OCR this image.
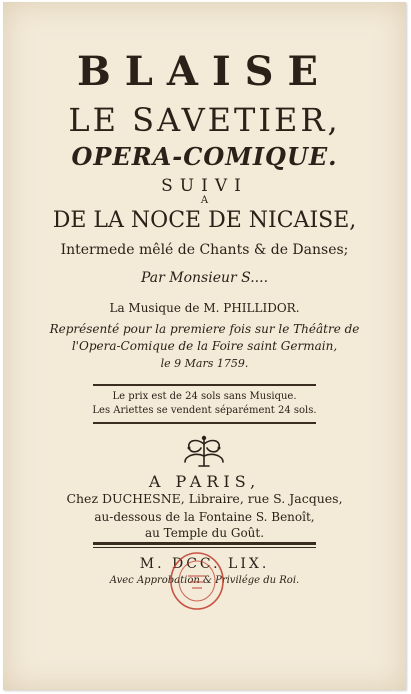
BLAISE
LE SAVETIER,
OPERA-COMIQUE.
SUIVI
A
DE LA NOCE DE NICAISE,
Intermede mêlé de Chants & de Danses;
Par Monsieur S....
La Musique de M. PHILLIDOR.
Représenté pour la premiere fois sur le Théâtre de
l'Opera-Comique de la Foire saint Germain,
le 9 Mars 1759.
Le prix est de 24 sols sans Musique.
Les Ariettes se vendent séparément 24 sols.
A PARIS,
Chez DUCHESNE, Libraire, rue S. Jacques,
au-dessous de la Fontaine S. Benoît,
au Temple du Goût.
M. DCC. LIX.
Avec Approbation & Privilége du Roi.
